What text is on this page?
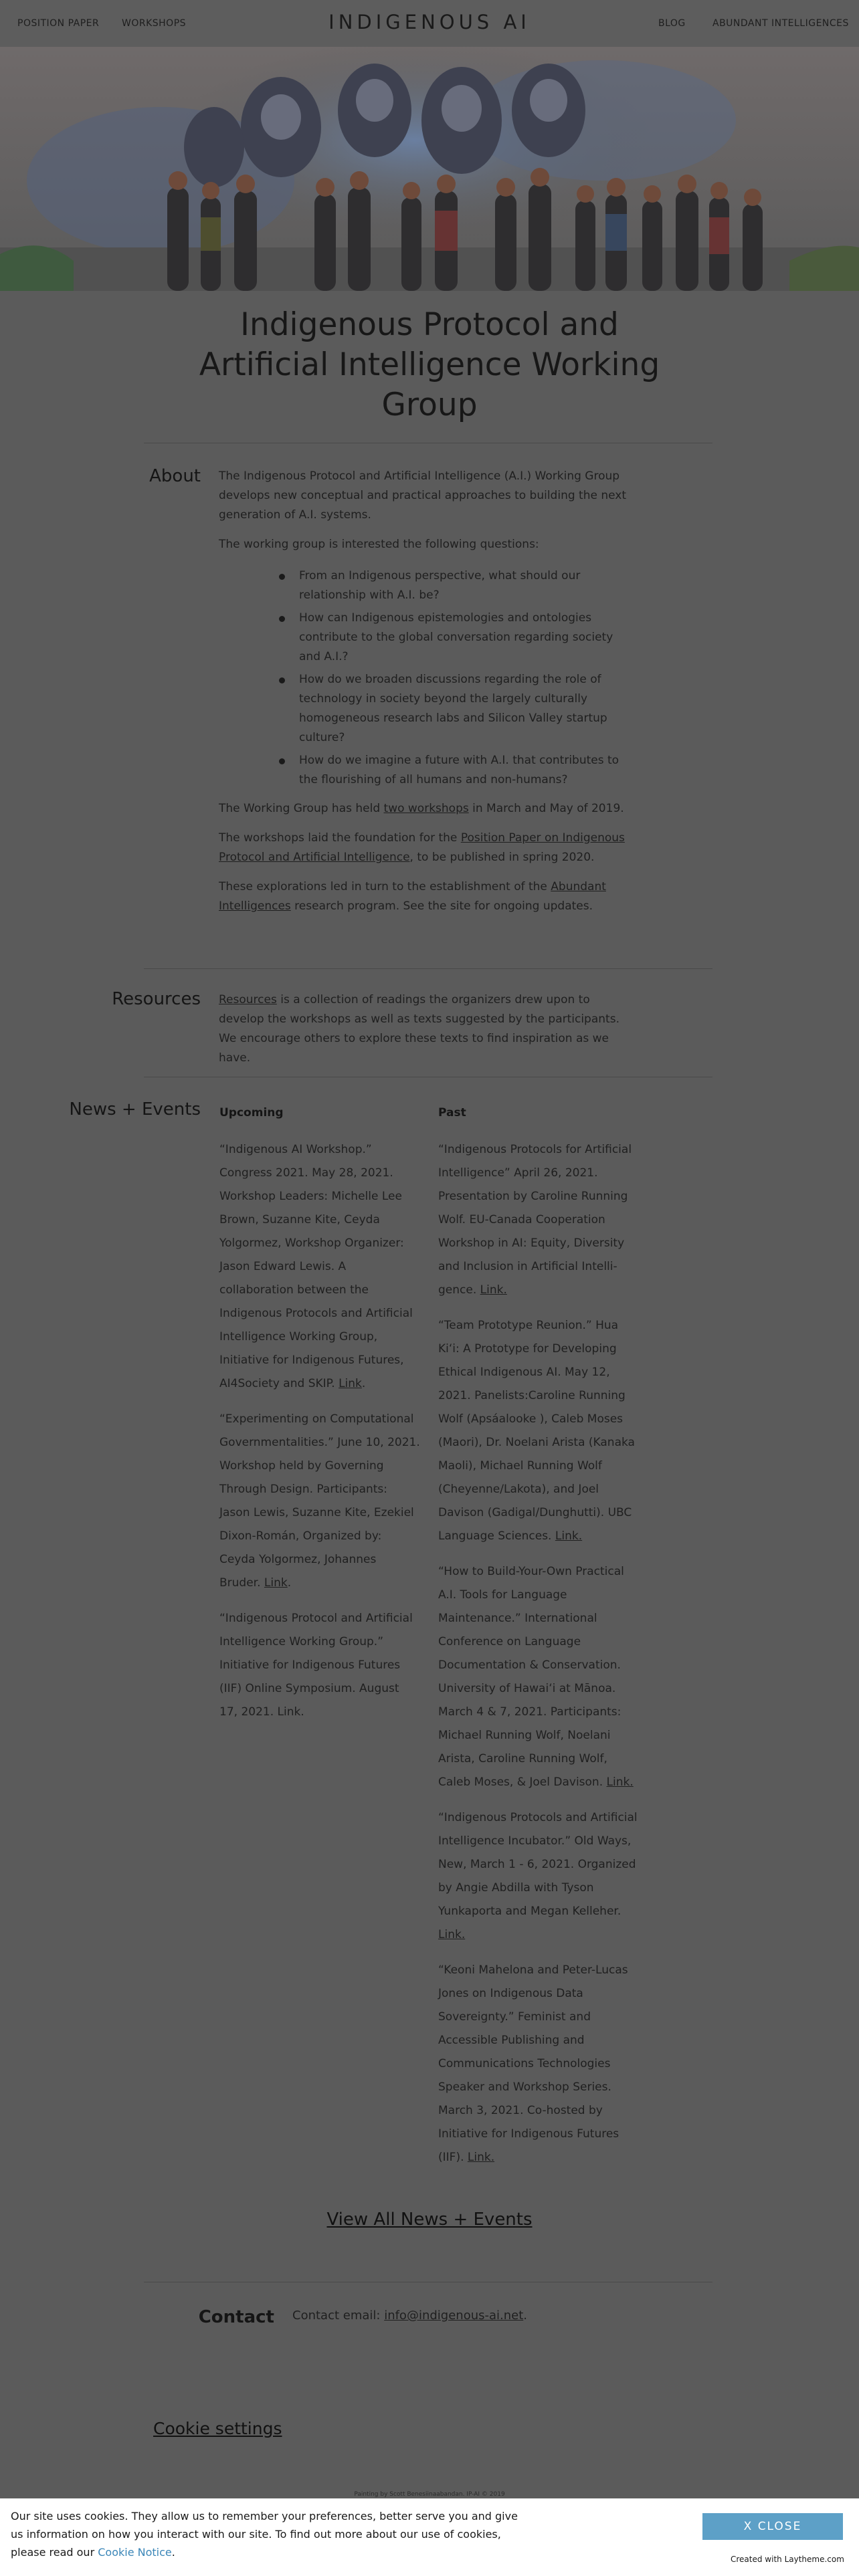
POSITION PAPER WORKSHOPS	INDIGENOUS AI	BLOG	ABUNDANT INTELLIGENCES
Indigenous Protocol and Artificial Intelligence Working Group
About The Indigenous Protocol and Artificial Intelligence (A.I.) Working Group develops new conceptual and practical approaches to building the next generation of A.I. systems.

The working group is interested the following questions:

From an Indigenous perspective, what should our relationship with A.I. be?
How can Indigenous epistemologies and ontologies contribute to the global conversation regarding society and A.I.?
How do we broaden discussions regarding the role of technology in society beyond the largely culturally homogeneous research labs and Silicon Valley startup culture?
How do we imagine a future with A.I. that contributes to the flourishing of all humans and non-humans?

The Working Group has held two workshops in March and May of 2019.

The workshops laid the foundation for the Position Paper on Indigenous Protocol and Artificial Intelligence, to be published in spring 2020.

These explorations led in turn to the establishment of the Abundant Intelligences research program. See the site for ongoing updates.

Resources Resources is a collection of readings the organizers drew upon to develop the workshops as well as texts suggested by the participants. We encourage others to explore these texts to find inspiration as we have.

News + Events Upcoming	Past

“Indigenous AI Workshop.” Congress 2021. May 28, 2021. Workshop Leaders: Michelle Lee Brown, Suzanne Kite, Ceyda Yolgormez, Workshop Organizer: Jason Edward Lewis. A collaboration between the Indigenous Protocols and Artificial Intelligence Working Group, Initiative for Indigenous Futures, AI4Society and SKIP. Link.

“Experimenting on Computational Governmentalities.” June 10, 2021. Workshop held by Governing Through Design. Participants: Jason Lewis, Suzanne Kite, Ezekiel Dixon-Román, Organized by: Ceyda Yolgormez, Johannes Bruder. Link.

“Indigenous Protocol and Artificial Intelligence Working Group.” Initiative for Indigenous Futures (IIF) Online Symposium. August 17, 2021. Link.

“Indigenous Protocols for Artificial Intelligence” April 26, 2021. Presentation by Caroline Running Wolf. EU-Canada Cooperation Workshop in AI: Equity, Diversity and Inclusion in Artificial Intelligence. Link.

“Team Prototype Reunion.” Hua Kiʻi: A Prototype for Developing Ethical Indigenous AI. May 12, 2021. Panelists:Caroline Running Wolf (Apsáalooke ), Caleb Moses (Maori), Dr. Noelani Arista (Kanaka Maoli), Michael Running Wolf (Cheyenne/Lakota), and Joel Davison (Gadigal/Dunghutti). UBC Language Sciences. Link.

“How to Build-Your-Own Practical A.I. Tools for Language Maintenance.” International Conference on Language Documentation & Conservation. University of Hawaiʻi at Mānoa. March 4 & 7, 2021. Participants: Michael Running Wolf, Noelani Arista, Caroline Running Wolf, Caleb Moses, & Joel Davison. Link.

“Indigenous Protocols and Artificial Intelligence Incubator.” Old Ways, New, March 1 - 6, 2021. Organized by Angie Abdilla with Tyson Yunkaporta and Megan Kelleher. Link.

“Keoni Mahelona and Peter-Lucas Jones on Indigenous Data Sovereignty.” Feminist and Accessible Publishing and Communications Technologies Speaker and Workshop Series. March 3, 2021. Co-hosted by Initiative for Indigenous Futures (IIF). Link.

View All News + Events
Contact Contact email: info@indigenous-ai.net.
Cookie settings
Painting by Scott Benesiinaabandan. IP-AI © 2019
Our site uses cookies. They allow us to remember your preferences, better serve you and give us information on how you interact with our site. To find out more about our use of cookies, please read our Cookie Notice.
X CLOSE
Created with Laytheme.com
